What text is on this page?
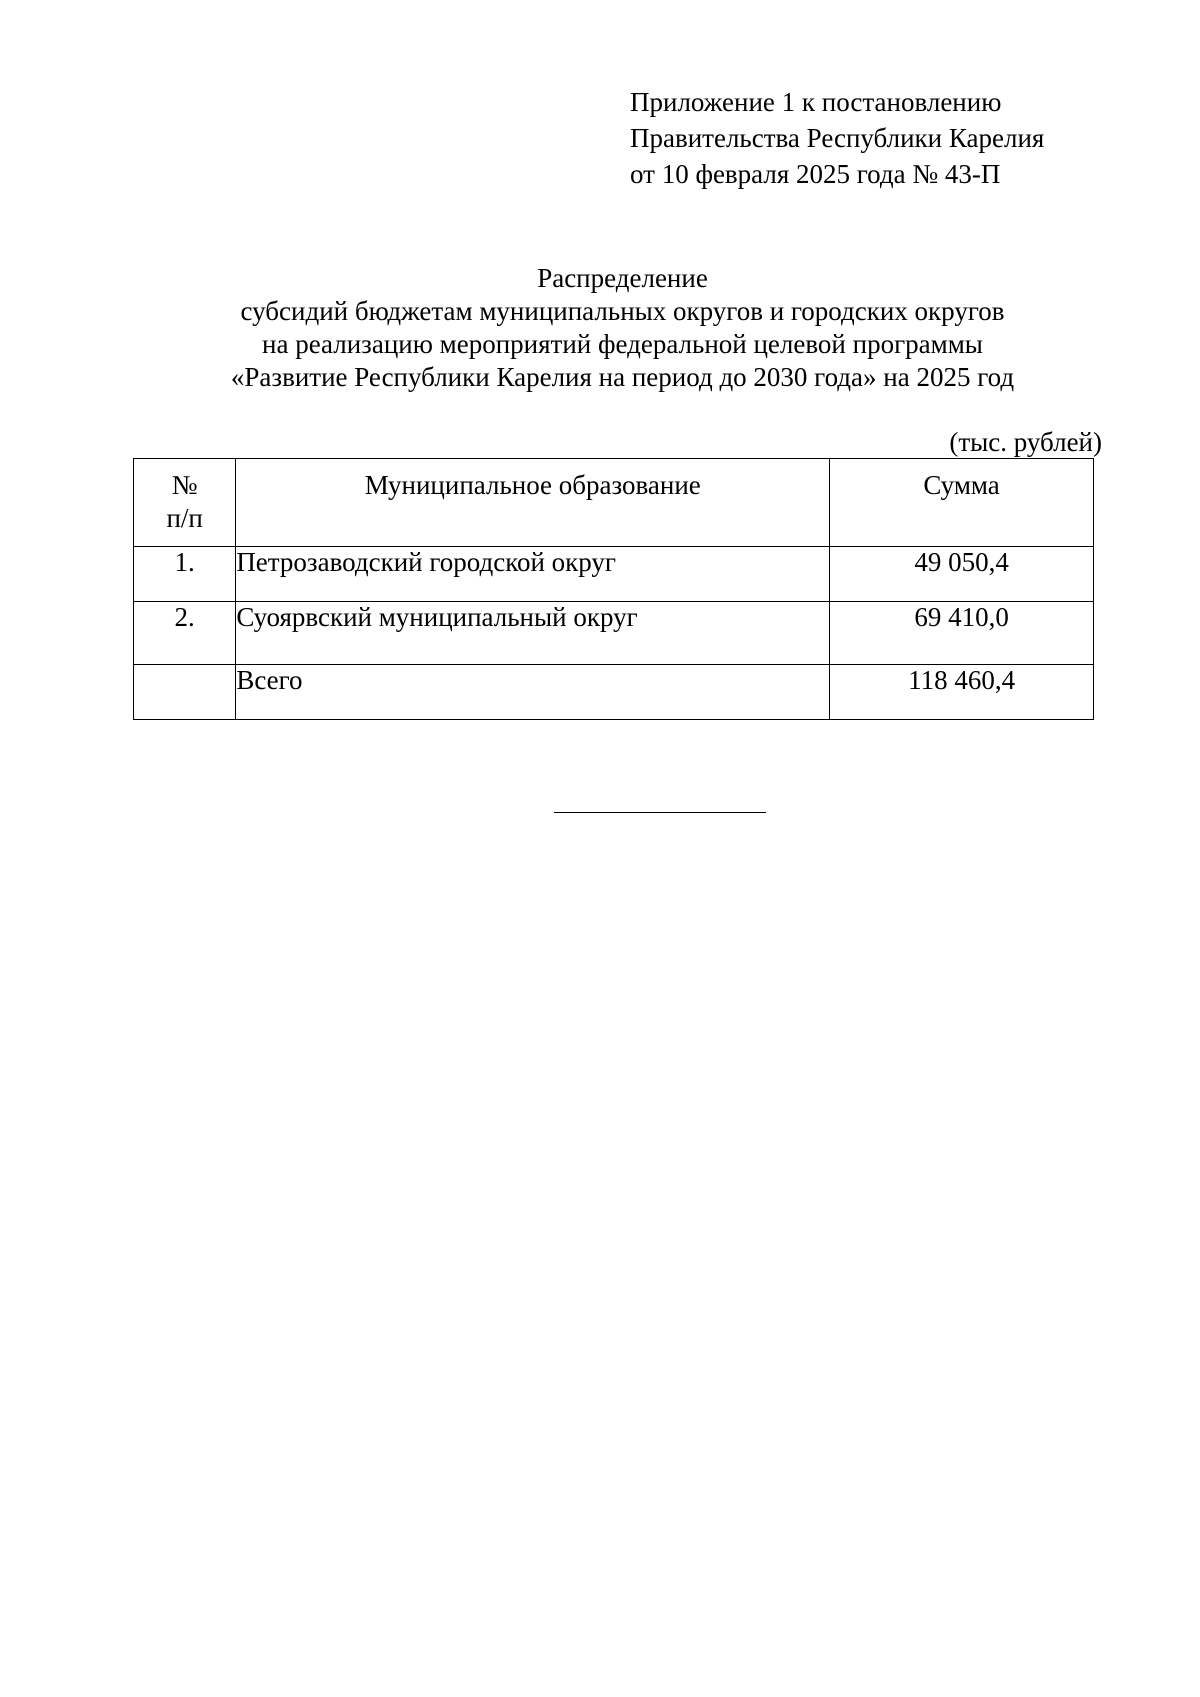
Приложение 1 к постановлению
Правительства Республики Карелия
от 10 февраля 2025 года № 43-П
Распределение
субсидий бюджетам муниципальных округов и городских округов
на реализацию мероприятий федеральной целевой программы
«Развитие Республики Карелия на период до 2030 года» на 2025 год
(тыс. рублей)
№
п/п	Муниципальное образование	Сумма
1.	Петрозаводский городской округ	49 050,4
2.	Суоярвский муниципальный округ	69 410,0
	Всего	118 460,4
